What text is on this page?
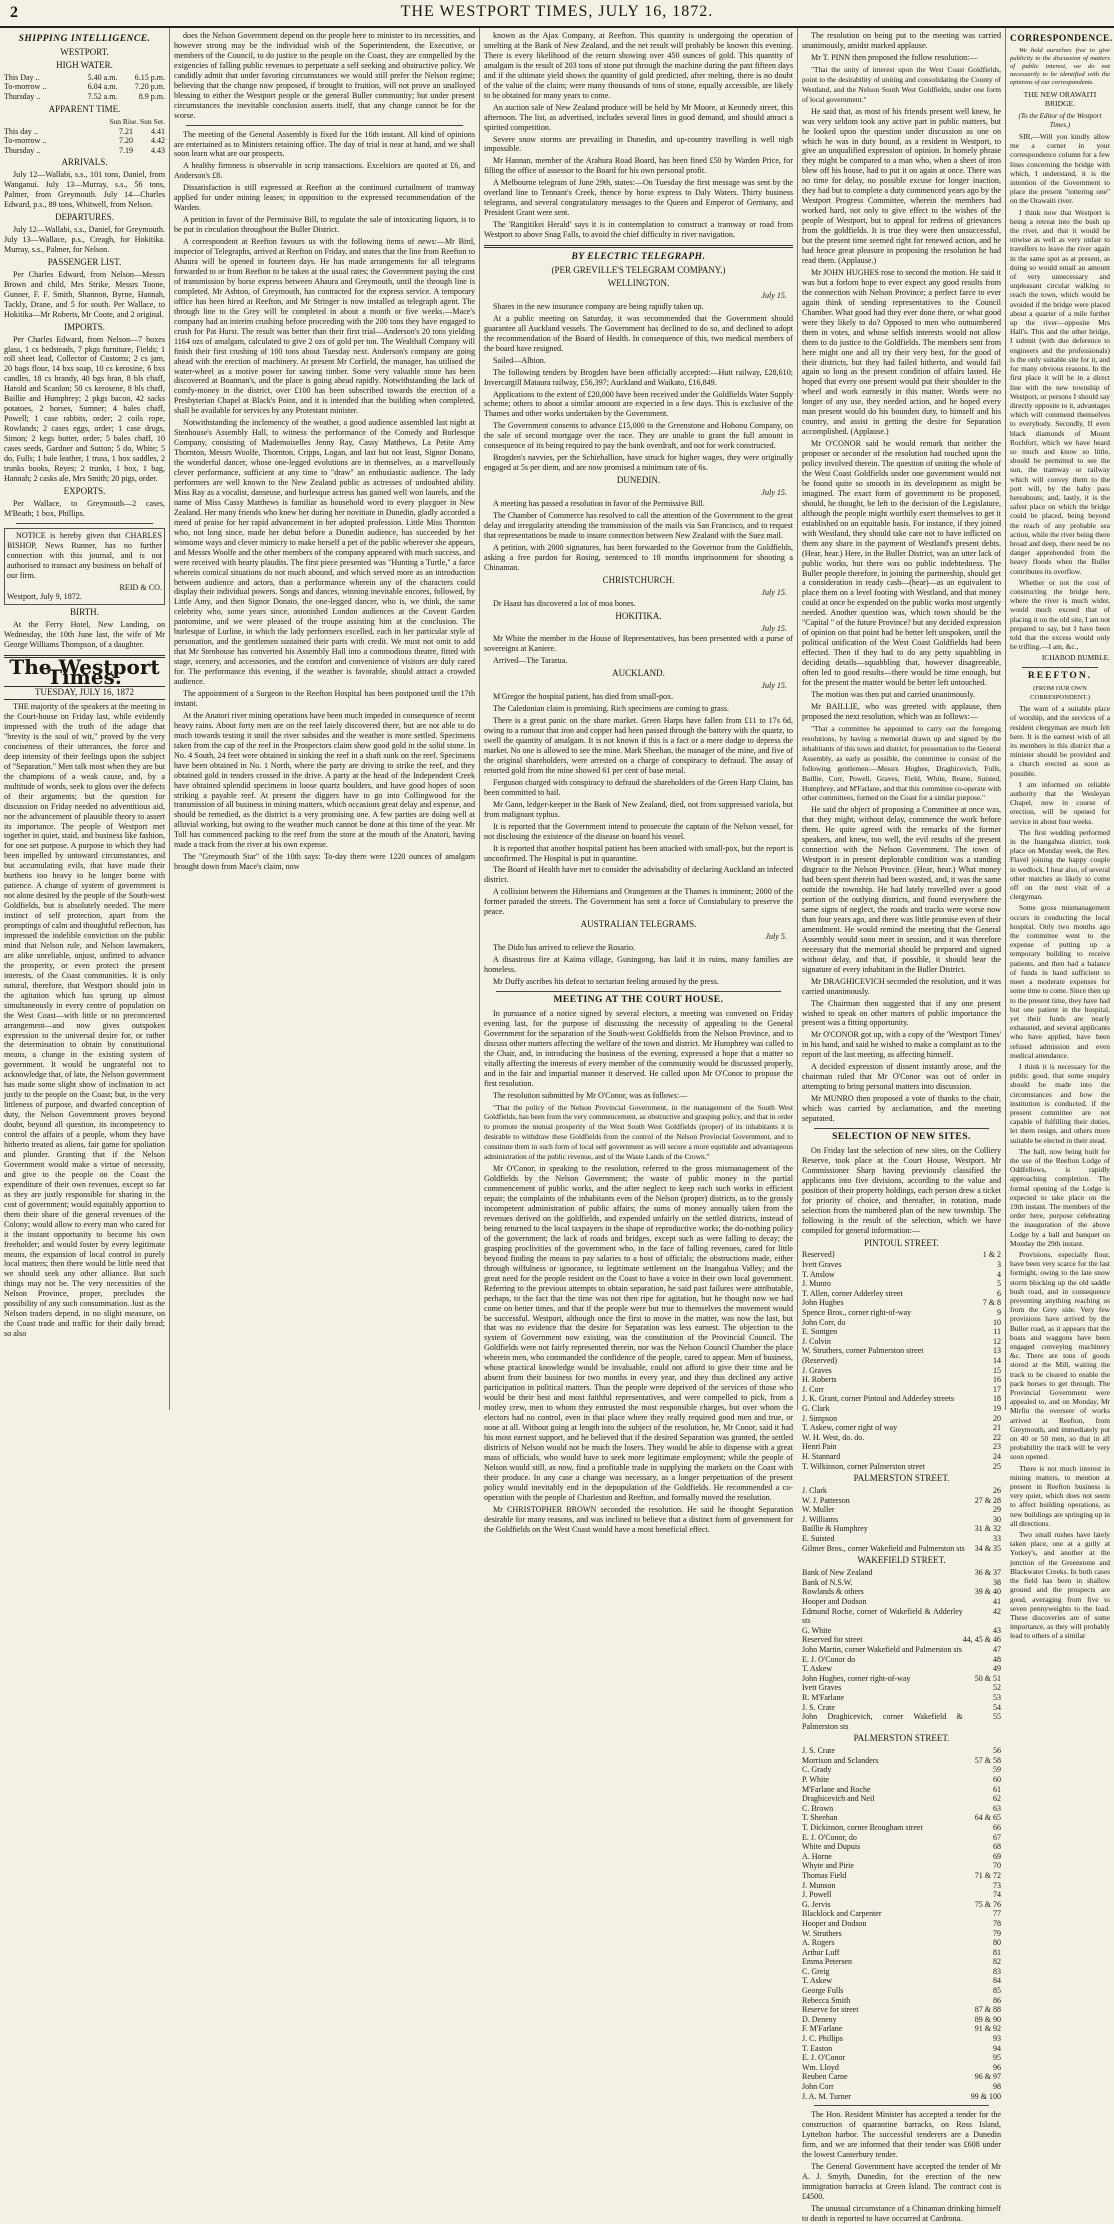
2	THE WESTPORT TIMES, JULY 16, 1872.
SHIPPING INTELLIGENCE.
WESTPORT.
HIGH WATER.
This Day ..	5.40 a.m.	6.15 p.m.
To-morrow ..	6.04 a.m.	7.20 p.m.
Thursday ..	7.52 a.m.	8.9 p.m.
APPARENT TIME.
Sun Rise. Sun Set.
This day ..	7.21	4.41
To-morrow ..	7.20	4.42
Thursday ..	7.19	4.43
ARRIVALS.

July 12—Wallabi, s.s., 101 tons, Daniel, from Wanganui. July 13—Murray, s.s., 56 tons, Palmer, from Greymouth. July 14—Charles Edward, p.s., 89 tons, Whitwell, from Nelson.

DEPARTURES.

July 12—Wallabi, s.s., Daniel, for Greymouth. July 13—Wallace, p.s., Creagh, for Hokitika. Murray, s.s., Palmer, for Nelson.

PASSENGER LIST.

Per Charles Edward, from Nelson—Messrs Brown and child, Mrs Strike, Messrs Toone, Gunner, F. F. Smith, Shannon, Byrne, Hannah, Tackly, Drane, and 5 for south. Per Wallace, to Hokitika—Mr Roberts, Mr Coote, and 2 original.

IMPORTS.

Per Charles Edward, from Nelson—7 boxes glass, 1 cs bedsteads, 7 pkgs furniture, Fields; 1 roll sheet lead, Collector of Customs; 2 cs jam, 20 bags flour, 14 bxs soap, 10 cs kerosine, 6 bxs candles, 18 cs brandy, 40 bgs bran, 8 bls chaff, Harold and Scanlon; 50 cs kerosene, 8 bls chaff, Baillie and Humphrey; 2 pkgs bacon, 42 sacks potatoes, 2 horses, Sumner; 4 bales chaff, Powell; 1 case rabbits, order; 2 coils rope, Rowlands; 2 cases eggs, order; 1 case drugs, Simon; 2 kegs butter, order; 5 bales chaff, 10 cases seeds, Gardner and Sutton; 5 do, White; 5 do, Fulls; 1 bale leather, 1 truss, 1 box saddles, 2 trunks books, Reyes; 2 trunks, 1 box, 1 bag, Hannah; 2 casks ale, Mrs Smith; 20 pigs, order.

EXPORTS.

Per Wallace, to Greymouth—2 cases, M'Beath; 1 box, Phillips.

NOTICE is hereby given that CHARLES BISHOP, News Runner, has no further connection with this journal, and is not authorised to transact any business on behalf of our firm.

REID & CO.
Westport, July 9, 1872.
BIRTH.

At the Ferry Hotel, New Landing, on Wednesday, the 10th June last, the wife of Mr George Williams Thompson, of a daughter.

The Westport Times.
TUESDAY, JULY 16, 1872

THE majority of the speakers at the meeting in the Court-house on Friday last, while evidently impressed with the truth of the adage that "brevity is the soul of wit," proved by the very conciseness of their utterances, the force and deep intensity of their feelings upon the subject of "Separation." Men talk most when they are but the champions of a weak cause, and, by a multitude of words, seek to gloss over the defects of their arguments; but the question for discussion on Friday needed no adventitious aid, nor the advancement of plausible theory to assert its importance. The people of Westport met together in quiet, staid, and business like fashion, for one set purpose. A purpose to which they had been impelled by untoward circumstances, and but accumulating evils, that have made their burthens too heavy to be longer borne with patience. A change of system of government is not alone desired by the people of the South-west Goldfields, but is absolutely needed. The mere instinct of self protection, apart from the promptings of calm and thoughtful reflection, has impressed the indelible conviction on the public mind that Nelson rule, and Nelson lawmakers, are alike unreliable, unjust, unfitted to advance the prosperity, or even protect the present interests, of the Coast communities. It is only natural, therefore, that Westport should join in the agitation which has sprung up almost simultaneously in every centre of population on the West Coast—with little or no preconcerted arrangement—and now gives outspoken expression to the universal desire for, or rather the determination to obtain by constitutional means, a change in the existing system of government. It would be ungrateful not to acknowledge that, of late, the Nelson government has made some slight show of inclination to act justly to the people on the Coast; but, in the very littleness of purpose, and dwarfed conception of duty, the Nelson Government proves beyond doubt, beyond all question, its incompetency to control the affairs of a people, whom they have hitherto treated as aliens, fair game for spoliation and plunder. Granting that if the Nelson Government would make a virtue of necessity, and give to the people on the Coast the expenditure of their own revenues, except so far as they are justly responsible for sharing in the cost of government; would equitably apportion to them their share of the general revenues of the Colony; would allow to every man who cared for it the instant opportunity to become his own freeholder; and would foster by every legitimate means, the expansion of local control in purely local matters; then there would be little need that we should seek any other alliance. But such things may not be. The very necessities of the Nelson Province, proper, precludes the possibility of any such consummation. Just as the Nelson traders depend, in no slight measure, on the Coast trade and traffic for their daily bread; so also

does the Nelson Government depend on the people here to minister to its necessities, and however strong may be the individual wish of the Superintendent, the Executive, or members of the Council, to do justice to the people on the Coast, they are compelled by the exigencies of falling public revenues to perpetuate a self seeking and obstructive policy. We candidly admit that under favoring circumstances we would still prefer the Nelson regime; believing that the change now proposed, if brought to fruition, will not prove an unalloyed blessing to either the Westport people or the general Buller community; but under present circumstances the inevitable conclusion asserts itself, that any change cannot be for the worse.

The meeting of the General Assembly is fixed for the 16th instant. All kind of opinions are entertained as to Ministers retaining office. The day of trial is near at hand, and we shall soon learn what are our prospects.

A healthy firmness is observable in scrip transactions. Excelsiors are quoted at £6, and Anderson's £8.

Dissatisfaction is still expressed at Reefton at the continued curtailment of tramway applied for under mining leases; in opposition to the expressed recommendation of the Warden.

A petition in favor of the Permissive Bill, to regulate the sale of intoxicating liquors, is to be put in circulation throughout the Buller District.

A correspondent at Reefton favours us with the following items of news:—Mr Bird, inspector of Telegraphs, arrived at Reefton on Friday, and states that the line from Reefton to Ahaura will be opened in fourteen days. He has made arrangements for all telegrams forwarded to or from Reefton to be taken at the usual rates; the Government paying the cost of transmission by horse express between Ahaura and Greymouth, until the through line is completed. Mr Ashton, of Greymouth, has contracted for the express service. A temporary office has been hired at Reefton, and Mr Stringer is now installed as telegraph agent. The through line to the Grey will be completed in about a month or five weeks.—Mace's company had an interim crushing before proceeding with the 200 tons they have engaged to crush for Pat Hurst. The result was better than their first trial—Anderson's 20 tons yielding 1164 ozs of amalgam, calculated to give 2 ozs of gold per ton. The Wealthall Company will finish their first crushing of 100 tons about Tuesday next. Anderson's company are going ahead with the erection of machinery. At present Mr Corfield, the manager, has utilised the water-wheel as a motive power for sawing timber. Some very valuable stone has been discovered at Boatman's, and the place is going ahead rapidly. Notwithstanding the lack of comfy-money in the district, over £100 has been subscribed towards the erection of a Presbyterian Chapel at Black's Point, and it is intended that the building when completed, shall be available for services by any Protestant minister.

Notwithstanding the inclemency of the weather, a good audience assembled last night at Stenhouse's Assembly Hall, to witness the performance of the Comedy and Burlesque Company, consisting of Mademoiselles Jenny Ray, Cassy Matthews, La Petite Amy Thornton, Messrs Woolfe, Thornton, Cripps, Logan, and last but not least, Signor Donato, the wonderful dancer, whose one-legged evolutions are in themselves, as a marvellously clever performance, sufficient at any time to "draw" an enthusiastic audience. The lady performers are well known to the New Zealand public as actresses of undoubted ability. Miss Ray as a vocalist, danseuse, and burlesque actress has gained well won laurels, and the name of Miss Cassy Matthews is familiar as household word to every playgoer in New Zealand. Her many friends who knew her during her novitiate in Dunedin, gladly accorded a meed of praise for her rapid advancement in her adopted profession. Little Miss Thornton who, not long since, made her debut before a Dunedin audience, has succeeded by her winsome ways and clever mimicry to make herself a pet of the public wherever she appears, and Messrs Woolfe and the other members of the company appeared with much success, and were received with hearty plaudits. The first piece presented was "Hunting a Turtle," a farce wherein comical situations do not much abound, and which served more as an introduction between audience and actors, than a performance wherein any of the characters could display their individual powers. Songs and dances, winning inevitable encores, followed, by Little Amy, and then Signor Donato, the one-legged dancer, who is, we think, the same celebrity who, some years since, astonished London audiences at the Covent Garden pantomime, and we were pleased of the troupe assisting him at the conclusion. The burlesque of Lurline, in which the lady performers excelled, each in her particular style of personation, and the gentlemen sustained their parts with credit. We must not omit to add that Mr Stenhouse has converted his Assembly Hall into a commodious theatre, fitted with stage, scenery, and accessories, and the comfort and convenience of visitors are duly cared for. The performance this evening, if the weather is favorable, should attract a crowded audience.

The appointment of a Surgeon to the Reefton Hospital has been postponed until the 17th instant.

At the Anatori river mining operations have been much impeded in consequence of recent heavy rains. About forty men are on the reef lately discovered there, but are not able to do much towards testing it until the river subsides and the weather is more settled. Specimens taken from the cap of the reef in the Prospectors claim show good gold in the solid stone. In No. 4 South, 24 feet were obtained in sinking the reef in a shaft sunk on the reef. Specimens have been obtained in No. 1 North, where the party are driving to strike the reef, and they obtained gold in tenders crossed in the drive. A party at the head of the Independent Creek have obtained splendid specimens in loose quartz boulders, and have good hopes of soon striking a payable reef. At present the diggers have to go into Collingwood for the transmission of all business in mining matters, which occasions great delay and expense, and should be remedied, as the district is a very promising one. A few parties are doing well at alluvial working, but owing to the weather much cannot be done at this time of the year. Mr Toll has commenced packing to the reef from the store at the mouth of the Anatori, having made a track from the river at his own expense.

The "Greymouth Star" of the 10th says: To-day there were 1220 ounces of amalgam brought down from Mace's claim, now

known as the Ajax Company, at Reefton. This quantity is undergoing the operation of smelting at the Bank of New Zealand, and the net result will probably be known this evening. There is every likelihood of the return showing over 450 ounces of gold. This quantity of amalgam is the result of 203 tons of stone put through the machine during the past fifteen days and if the ultimate yield shows the quantity of gold predicted, after melting, there is no doubt of the value of the claim; were many thousands of tons of stone, equally accessible, are likely to be obtained for many years to come.

An auction sale of New Zealand produce will be held by Mr Moore, at Kennedy street, this afternoon. The list, as advertised, includes several lines in good demand, and should attract a spirited competition.

Severe snow storms are prevailing in Dunedin, and up-country travelling is well nigh impossible.

Mr Hannan, member of the Arahura Road Board, has been fined £50 by Warden Price, for filling the office of assessor to the Board for his own personal profit.

A Melbourne telegram of June 29th, states:—On Tuesday the first message was sent by the overland line to Tennant's Creek, thence by horse express to Daly Waters. Thirty business telegrams, and several congratulatory messages to the Queen and Emperor of Germany, and President Grant were sent.

The 'Rangitikei Herald' says it is in contemplation to construct a tramway or road from Westport to above Snag Falls, to avoid the chief difficulty in river navigation.

BY ELECTRIC TELEGRAPH.
(PER GREVILLE'S TELEGRAM COMPANY.)
WELLINGTON.
July 15.

Shares in the new insurance company are being rapidly taken up.

At a public meeting on Saturday, it was recommended that the Government should guarantee all Auckland vessels. The Government has declined to do so, and declined to adopt the recommendation of the Board of Health. In consequence of this, two medical members of the board have resigned.

Sailed—Albion.

The following tenders by Brogden have been officially accepted:—Hutt railway, £28,610; Invercargill Mataura railway, £56,397; Auckland and Waikato, £16,849.

Applications to the extent of £20,000 have been received under the Goldfields Water Supply scheme; others to about a similar amount are expected in a few days. This is exclusive of the Thames and other works undertaken by the Government.

The Government consents to advance £15,000 to the Greenstone and Hohonu Company, on the sale of second mortgage over the race. They are unable to grant the full amount in consequence of its being required to pay the bank overdraft, and not for work constructed.

Brogden's navvies, per the Schiehallion, have struck for higher wages, they were originally engaged at 5s per diem, and are now promised a minimum rate of 6s.

DUNEDIN.
July 15.

A meeting has passed a resolution in favor of the Permissive Bill.

The Chamber of Commerce has resolved to call the attention of the Government to the great delay and irregularity attending the transmission of the mails via San Francisco, and to request that representations be made to insure connection between New Zealand with the Suez mail.

A petition, with 2000 signatures, has been forwarded to the Governor from the Goldfields, asking a free pardon for Rosing, sentenced to 18 months imprisonment for shooting a Chinaman.

CHRISTCHURCH.
July 15.

Dr Haast has discovered a lot of moa bones.

HOKITIKA.
July 15.

Mr White the member in the House of Representatives, has been presented with a purse of sovereigns at Kaniere.

Arrived—The Tararua.

AUCKLAND.
July 15.

M'Gregor the hospital patient, has died from small-pox.

The Caledonian claim is promising. Rich specimens are coming to grass.

There is a great panic on the share market. Green Harps have fallen from £11 to 17s 6d, owing to a rumour that iron and copper had been passed through the battery with the quartz, to swell the quantity of amalgam. It is not known if this is a fact or a mere dodge to depress the market. No one is allowed to see the mine. Mark Sheehan, the manager of the mine, and five of the original shareholders, were arrested on a charge of conspiracy to defraud. The assay of retorted gold from the mine showed 61 per cent of base metal.

Ferguson charged with conspiracy to defraud the shareholders of the Green Harp Claim, has been committed to bail.

Mr Gann, ledger-keeper in the Bank of New Zealand, died, not from suppressed variola, but from malignant typhus.

It is reported that the Government intend to prosecute the captain of the Nelson vessel, for not disclosing the existence of the disease on board his vessel.

It is reported that another hospital patient has been attacked with small-pox, but the report is unconfirmed. The Hospital is put in quarantine.

The Board of Health have met to consider the advisability of declaring Auckland an infected district.

A collision between the Hibernians and Orangemen at the Thames is imminent; 2000 of the former paraded the streets. The Government has sent a force of Constabulary to preserve the peace.

AUSTRALIAN TELEGRAMS.
July 5.

The Dido has arrived to relieve the Rosario.

A disastrous fire at Kaima village, Guningong, has laid it in ruins, many families are homeless.

Mr Duffy ascribes his defeat to sectarian feeling aroused by the press.

MEETING AT THE COURT HOUSE.

In pursuance of a notice signed by several electors, a meeting was convened on Friday evening last, for the purpose of discussing the necessity of appealing to the General Government for the separation of the South-west Goldfields from the Nelson Province, and to discuss other matters affecting the welfare of the town and district. Mr Humphrey was called to the Chair, and, in introducing the business of the evening, expressed a hope that a matter so vitally affecting the interests of every member of the community would be discussed properly, and in the fair and impartial manner it deserved. He called upon Mr O'Conor to propose the first resolution.

The resolution submitted by Mr O'Conor, was as follows:—

"That the policy of the Nelson Provincial Government, in the management of the South West Goldfields, has been from the very commencement, as obstructive and grasping policy, and that in order to promote the mutual prosperity of the West South West Goldfields (proper) of its inhabitants it is desirable to withdraw these Goldfields from the control of the Nelson Provincial Government, and to constitute them in such form of local self government as will secure a more equitable and advantageous administration of the public revenue, and of the Waste Lands of the Crown."

Mr O'Conor, in speaking to the resolution, referred to the gross mismanagement of the Goldfields by the Nelson Government; the waste of public money in the partial commencement of public works, and the after neglect to keep each such works in efficient repair; the complaints of the inhabitants even of the Nelson (proper) districts, as to the grossly incompetent administration of public affairs; the sums of money annually taken from the revenues derived on the goldfields, and expended unfairly on the settled districts, instead of being returned to the local taxpayers in the shape of reproductive works; the do-nothing policy of the government; the lack of roads and bridges, except such as were falling to decay; the grasping proclivities of the government who, in the face of falling revenues, cared for little beyond finding the means to pay salaries to a host of officials; the obstructions made, either through wilfulness or ignorance, to legitimate settlement on the Inangahua Valley; and the great need for the people resident on the Coast to have a voice in their own local government. Referring to the previous attempts to obtain separation, he said past failures were attributable, perhaps, to the fact that the time was not then ripe for agitation, but he thought now we had come on better times, and that if the people were but true to themselves the movement would be successful. Westport, although once the first to move in the matter, was now the last, but that was no evidence that the desire for Separation was less earnest. The objection to the system of Government now existing, was the constitution of the Provincial Council. The Goldfields were not fairly represented therein, nor was the Nelson Council Chamber the place wherein men, who commanded the confidence of the people, cared to appear. Men of business, whose practical knowledge would be invaluable, could not afford to give their time and be absent from their business for two months in every year, and they thus declined any active participation in political matters. Thus the people were deprived of the services of those who would be their best and most faithful representatives, and were compelled to pick, from a motley crew, men to whom they entrusted the most responsible charges, but over whom the electors had no control, even in that place where they really required good men and true, or none at all. Without going at length into the subject of the resolution, he, Mr Conor, said it had his most earnest support, and he believed that if the desired Separation was granted, the settled districts of Nelson would not be much the losers. They would be able to dispense with a great mass of officials, who would have to seek more legitimate employment; while the people of Nelson would still, as now, find a profitable trade in supplying the markets on the Coast with their produce. In any case a change was necessary, as a longer perpetuation of the present policy would inevitably end in the depopulation of the Goldfields. He recommended a co-operation with the people of Charleston and Reefton, and formally moved the resolution.

Mr CHRISTOPHER BROWN seconded the resolution. He said he thought Separation desirable for many reasons, and was inclined to believe that a distinct form of government for the Goldfields on the West Coast would have a most beneficial effect.

The resolution on being put to the meeting was carried unanimously, amidst marked applause.

Mr T. PINN then proposed the follow resolution:—

"That the unity of interest upon the West Coast Goldfields, point to the desirability of uniting and consolidating the County of Westland, and the Nelson South West Goldfields, under one form of local government."

He said that, as most of his friends present well knew, he was very seldom took any active part in public matters, but he looked upon the question under discussion as one on which he was in duty bound, as a resident in Westport, to give an unqualified expression of opinion. In homely phrase they might be compared to a man who, when a sheet of iron blew off his house, had to put it on again at once. There was no time for delay, no possible excuse for longer inaction, they had but to complete a duty commenced years ago by the Westport Progress Committee, wherein the members had worked hard, not only to give effect to the wishes of the people of Westport, but to appeal for redress of grievances from the goldfields. It is true they were then unsuccessful, but the present time seemed right for renewed action, and he had hence great pleasure in proposing the resolution he had read them. (Applause.)

Mr JOHN HUGHES rose to second the motion. He said it was but a forlorn hope to ever expect any good results from the connection with Nelson Province; a perfect farce to ever again think of sending representatives to the Council Chamber. What good had they ever done there, or what good were they likely to do? Opposed to men who outnumbered them in votes, and whose selfish interests would not allow them to do justice to the Goldfields. The members sent from here might one and all try their very best, for the good of their districts, but they had failed hitherto, and would fail again so long as the present condition of affairs lasted. He hoped that every one present would put their shoulder to the wheel and work earnestly in this matter. Words were no longer of any use, they needed action, and he hoped every man present would do his bounden duty, to himself and his country, and assist in getting the desire for Separation accomplished. (Applause.)

Mr O'CONOR said he would remark that neither the proposer or seconder of the resolution had touched upon the policy involved therein. The question of uniting the whole of the West Coast Goldfields under one government would not be found quite so smooth in its development as might be imagined. The exact form of government to be proposed, should, he thought, be left to the decision of the Legislature, although the people might worthily exert themselves to get it established on an equitable basis. For instance, if they joined with Westland, they should take care not to have inflicted on them any share in the payment of Westland's present debts. (Hear, hear.) Here, in the Buller District, was an utter lack of public works, but there was no public indebtedness. The Buller people therefore, in joining the partnership, should get a consideration in ready cash—(hear)—as an equivalent to place them on a level footing with Westland, and that money could at once be expended on the public works most urgently needed. Another question was, which town should be the "Capital " of the future Province? but any decided expression of opinion on that point had be better left unspoken, until the political unification of the West Coast Goldfields had been effected. Then if they had to do any petty squabbling in deciding details—squabbling that, however disagreeable, often led to good results—there would be time enough, but for the present the matter would be better left untouched.

The motion was then put and carried unanimously.

Mr BAILLIE, who was greeted with applause, then proposed the next resolution, which was as follows:—

"That a committee be appointed to carry out the foregoing resolutions, by having a memorial drawn up and signed by the inhabitants of this town and district, for presentation to the General Assembly, as early as possible, the committee to consist of the following gentlemen:—Messrs Hughes, Draghicevich, Fulls, Baillie, Corr, Powell, Graves, Field, White, Reane, Suisted, Humphrey, and M'Farlane, and that this committee co-operate with other committees, formed on the Coast for a similar purpose."

He said the object of proposing a Committee at once was, that they might, without delay, commence the work before them. He quite agreed with the remarks of the former speakers, and knew, too well, the evil results of the present connection with the Nelson Government. The town of Westport is in present deplorable condition was a standing disgrace to the Nelson Province. (Hear, hear.) What money had been spent therein had been wasted, and, it was the same outside the township. He had lately travelled over a good portion of the outlying districts, and found everywhere the same signs of neglect, the roads and tracks were worse now than four years ago, and there was little promise even of their amendment. He would remind the meeting that the General Assembly would soon meet in session, and it was therefore necessary that the memorial should be prepared and signed without delay, and that, if possible, it should bear the signature of every inhabitant in the Buller District.

Mr DRAGHICEVICH seconded the resolution, and it was carried unanimously.

The Chairman then suggested that if any one present wished to speak on other matters of public importance the present was a fitting opportunity.

Mr O'CONOR got up, with a copy of the 'Westport Times' in his hand, and said he wished to make a complaint as to the report of the last meeting, as affecting himself.

A decided expression of dissent instantly arose, and the chairman ruled that Mr O'Conor was out of order in attempting to bring personal matters into discussion.

Mr MUNRO then proposed a vote of thanks to the chair, which was carried by acclamation, and the meeting separated.

SELECTION OF NEW SITES.

On Friday last the selection of new sites, on the Colliery Reserve, took place at the Court House, Westport. Mr Commissioner Sharp having previously classified the applicants into five divisions, according to the value and position of their property holdings, each person drew a ticket for priority of choice, and thereafter, in rotation, made selection from the numbered plan of the new township. The following is the result of the selection, which we have compiled for general information:—

PINTOUL STREET.
Reserved}	1 & 2
Ivett Graves	3
T. Anslow	4
J. Munro	5
T. Allen, corner Adderley street	6
John Hughes	7 & 8
Spence Bros., corner right-of-way	9
John Corr, do	10
E. Sontgen	11
J. Colvin	12
W. Struthers, corner Palmerston street	13
(Reserved)	14
J. Graves	15
H. Roberts	16
J. Corr	17
J. K. Grant, corner Pintoul and Adderley streets	18
G. Clark	19
J. Simpson	20
T. Askew, corner right of way	21
W. H. West, do. do.	22
Henri Pain	23
H. Stannard	24
T. Wilkinson, corner Palmerston street	25
PALMERSTON STREET.
J. Clark	26
W. J. Patterson	27 & 28
W. Muller	29
J. Williams	30
Baillie & Humphrey	31 & 32
E. Suisted	33
Gilmer Bros., corner Wakefield and Palmerston sts	34 & 35
WAKEFIELD STREET.
Bank of New Zealand	36 & 37
Bank of N.S.W.	38
Rowlands & others	39 & 40
Hooper and Dodson	41
Edmund Roche, corner of Wakefield & Adderley sts	42
G. White	43
Reserved for street	44, 45 & 46
John Martin, corner Wakefield and Palmerston sts	47
E. J. O'Conor do	48
T. Askew	49
John Hughes, corner right-of-way	50 & 51
Ivett Graves	52
R. M'Farlane	53
J. S. Crate	54
John Draghicevich, corner Wakefield & Palmerston sts	55
PALMERSTON STREET.
J. S. Crate	56
Morrison and Sclanders	57 & 58
C. Grady	59
P. White	60
M'Farlane and Roche	61
Draghicevich and Neil	62
C. Brown	63
T. Sheehan	64 & 65
T. Dickinson, corner Brougham street	66
E. J. O'Conor, do	67
White and Dupuis	68
A. Horne	69
Whyte and Pirie	70
Thomas Field	71 & 72
J. Munson	73
J. Powell	74
G. Jervis	75 & 76
Blacklock and Carpenter	77
Hooper and Dodson	78
W. Struthers	79
A. Rogers	80
Arthur Luff	81
Emma Petersen	82
C. Greig	83
T. Askew	84
George Fulls	85
Rebecca Smith	86
Reserve for street	87 & 88
D. Deneny	89 & 90
F. M'Farlane	91 & 92
J. C. Phillips	93
T. Easton	94
E. J. O'Conor	95
Wm. Lloyd	96
Reuben Carne	96 & 97
John Corr	98
J. A. M. Turner	99 & 100

The Hon. Resident Minister has accepted a tender for the construction of quarantine barracks, on Ross Island, Lyttelton harbor. The successful tenderers are a Dunedin firm, and we are informed that their tender was £608 under the lowest Canterbury tender.

The General Government have accepted the tender of Mr A. J. Smyth, Dunedin, for the erection of the new immigration barracks at Green Island. The contract cost is £4500.

The unusual circumstance of a Chinaman drinking himself to death is reported to have occurred at Cardrona.

CORRESPONDENCE.

We hold ourselves free to give publicity to the discussion of matters of public interest, we do not necessarily to be identified with the opinions of our correspondents.

THE NEW ORAWAITI BRIDGE.
(To the Editor of the Westport Times.)

SIR,—Will you kindly allow me a corner in your correspondence column for a few lines concerning the bridge with which, I understand, it is the intention of the Government to place the present "tottering one" on the Orawaiti river.

I think now that Westport is being a retreat into the bush up the river, and that it would be unwise as well as very unfair to travellers to leave the river again in the same spot as at present, as doing so would entail an amount of very unnecessary and unpleasant circular walking to reach the town, which would be avoided if the bridge were placed about a quarter of a mile further up the river—opposite Mrs Hall's. This and the other bridge, I submit (with due deference to engineers and the professionals) is the only suitable site for it, and for many obvious reasons. In the first place it will be in a direct line with the new township of Westport, or persons I should say directly opposite to it, advantages which will commend themselves to everybody. Secondly, If even black diamonds of Mount Rochfort, which we have heard so much and know so little, should be permitted to see the sun, the tramway or railway which will convey them to the port will, by the baby pass hereabouts; and, lastly, it is the safest place on which the bridge could be placed, being beyond the reach of any probable sea action, while the river being there broad and deep, there need be no danger apprehended from the heavy floods when the Buller contributes its overflow.

Whether or not the cost of constructing the bridge here, where the river is much wider, would much exceed that of placing it on the old site, I am not prepared to say, but I have been told that the excess would only be trifling.—I am, &c.,

ICHABOD BUMBLE.
REEFTON.
(FROM OUR OWN CORRESPONDENT.)

The want of a suitable place of worship, and the services of a resident clergyman are much felt here. It is the earnest wish of all its members in this district that a minister should be provided and a church erected as soon as possible.

I am informed on reliable authority that the Wesleyan Chapel, now in course of erection, will be opened for service in about four weeks.

The first wedding performed in the Inangahua district, took place on Monday week, the Rev. Flavel joining the happy couple in wedlock. I hear also, of several other matches as likely to come off on the next visit of a clergyman.

Some gross mismanagement occurs in conducting the local hospital. Only two months ago the committee went to the expense of putting up a temporary building to receive patients, and then had a balance of funds in hand sufficient to meet a moderate expenses for some time to come. Since then up to the present time, they have had but one patient in the hospital, yet their funds are nearly exhausted, and several applicants who have applied, have been refused admission and even medical attendance.

I think it is necessary for the public good, that some enquiry should be made into the circumstances and how the institution is conducted, if the present committee are not capable of fulfilling their duties, let them resign, and others more suitable be elected in their stead.

The ball, now being built for the use of the Reefton Lodge of Oddfellows, is rapidly approaching completion. The formal opening of the Lodge is expected to take place on the 19th instant. The members of the order here, purpose celebrating the inauguration of the above Lodge by a ball and banquet on Monday the 29th instant.

Provisions, especially flour, have been very scarce for the last fortnight, owing to the late snow storm blocking up the old saddle bush road, and in consequence preventing anything reaching us from the Grey side. Very few provisions have arrived by the Buller road, as it appears that the boats and waggons have been engaged conveying machinery &c. There are tons of goods stored at the Mill, waiting the track to be cleared to enable the pack horses to get through. The Provincial Government were appealed to, and on Monday, Mr Mirfin the overseer of works arrived at Reefton, from Greymouth, and immediately put on 40 or 50 men, so that in all probability the track will be very soon opened.

There is not much interest in mining matters, to mention at present in Reefton business is very quiet, which does not seem to affect building operations, as new buildings are springing up in all directions.

Two small rushes have lately taken place, one at a gully at Yorkey's, and another at the junction of the Greenstone and Blackwater Creeks. In both cases the field has been in shallow ground and the prospects are good, averaging from five to seven pennyweights to the load. These discoveries are of some importance, as they will probably lead to others of a similar
